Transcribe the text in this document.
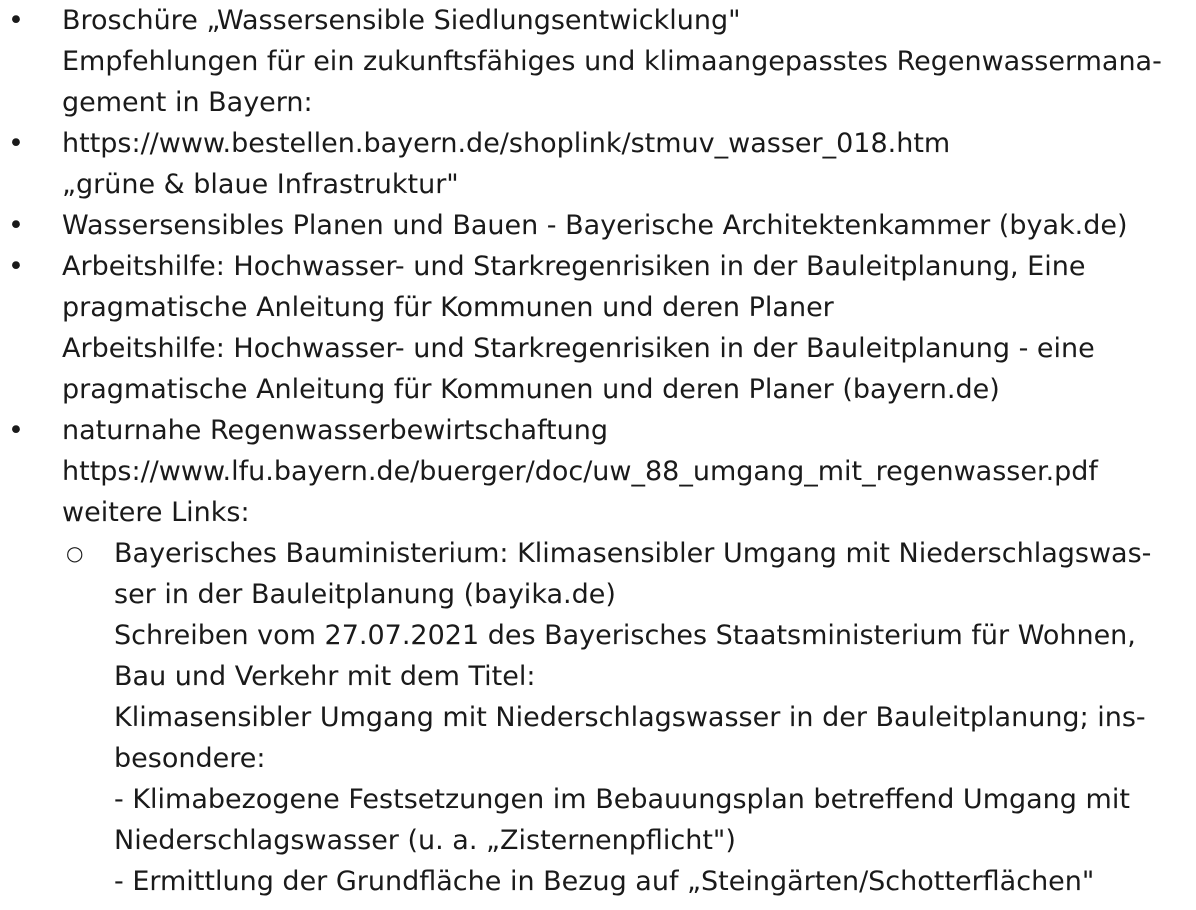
• Broschüre „Wassersensible Siedlungsentwicklung"
Empfehlungen für ein zukunftsfähiges und klimaangepasstes Regenwassermana-
gement in Bayern:
• https://www.bestellen.bayern.de/shoplink/stmuv_wasser_018.htm
„grüne & blaue Infrastruktur"
• Wassersensibles Planen und Bauen - Bayerische Architektenkammer (byak.de)
• Arbeitshilfe: Hochwasser- und Starkregenrisiken in der Bauleitplanung, Eine
pragmatische Anleitung für Kommunen und deren Planer
Arbeitshilfe: Hochwasser- und Starkregenrisiken in der Bauleitplanung - eine
pragmatische Anleitung für Kommunen und deren Planer (bayern.de)
• naturnahe Regenwasserbewirtschaftung
https://www.lfu.bayern.de/buerger/doc/uw_88_umgang_mit_regenwasser.pdf
weitere Links:
○ Bayerisches Bauministerium: Klimasensibler Umgang mit Niederschlagswas-
ser in der Bauleitplanung (bayika.de)
Schreiben vom 27.07.2021 des Bayerisches Staatsministerium für Wohnen,
Bau und Verkehr mit dem Titel:
Klimasensibler Umgang mit Niederschlagswasser in der Bauleitplanung; ins-
besondere:
- Klimabezogene Festsetzungen im Bebauungsplan betreffend Umgang mit
Niederschlagswasser (u. a. „Zisternenpflicht")
- Ermittlung der Grundfläche in Bezug auf „Steingärten/Schotterflächen"
